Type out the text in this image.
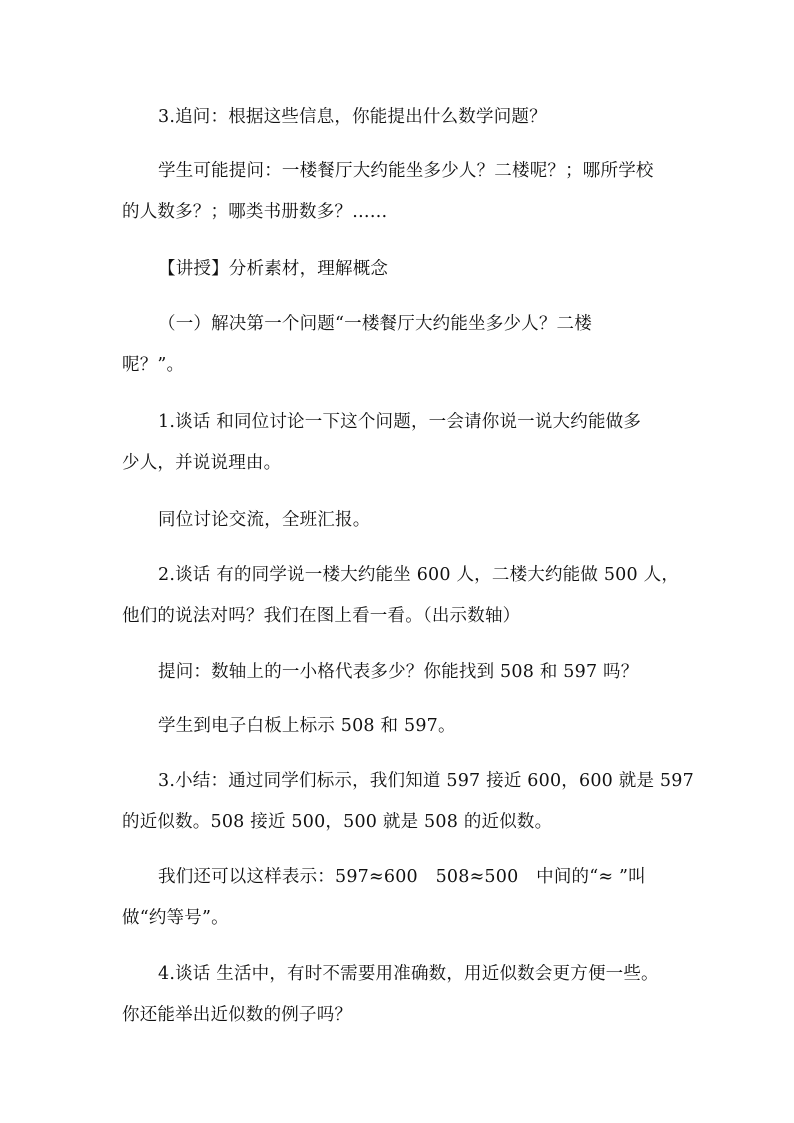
3.追问：根据这些信息，你能提出什么数学问题？
学生可能提问：一楼餐厅大约能坐多少人？二楼呢？；哪所学校
的人数多？；哪类书册数多？……
【讲授】分析素材，理解概念
（一）解决第一个问题“一楼餐厅大约能坐多少人？二楼
呢？”。
1.谈话 和同位讨论一下这个问题，一会请你说一说大约能做多
少人，并说说理由。
同位讨论交流，全班汇报。
2.谈话 有的同学说一楼大约能坐 600 人，二楼大约能做 500 人，
他们的说法对吗？我们在图上看一看。（出示数轴）
提问：数轴上的一小格代表多少？你能找到 508 和 597 吗？
学生到电子白板上标示 508 和 597。
3.小结：通过同学们标示，我们知道 597 接近 600，600 就是 597
的近似数。508 接近 500，500 就是 508 的近似数。
我们还可以这样表示：597≈600　508≈500　中间的“≈ ”叫
做“约等号”。
4.谈话 生活中，有时不需要用准确数，用近似数会更方便一些。
你还能举出近似数的例子吗？
